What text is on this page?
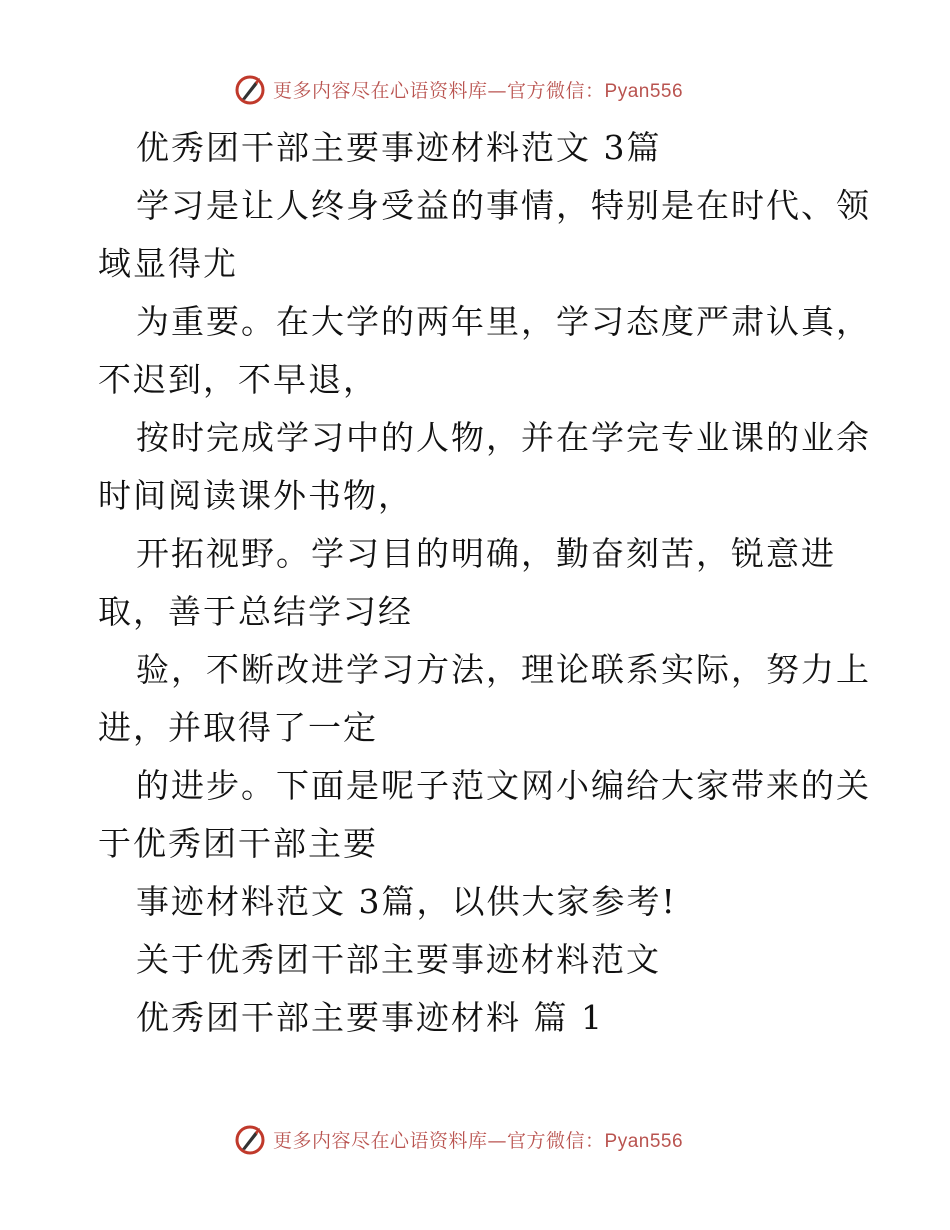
更多内容尽在心语资料库—官方微信：Pyan556
优秀团干部主要事迹材料范文 3篇
学习是让人终身受益的事情，特别是在时代、领
域显得尤
为重要。在大学的两年里，学习态度严肃认真，
不迟到，不早退，
按时完成学习中的人物，并在学完专业课的业余
时间阅读课外书物，
开拓视野。学习目的明确，勤奋刻苦，锐意进
取，善于总结学习经
验，不断改进学习方法，理论联系实际，努力上
进，并取得了一定
的进步。下面是呢子范文网小编给大家带来的关
于优秀团干部主要
事迹材料范文 3篇，以供大家参考!
关于优秀团干部主要事迹材料范文
优秀团干部主要事迹材料 篇 1
更多内容尽在心语资料库—官方微信：Pyan556
